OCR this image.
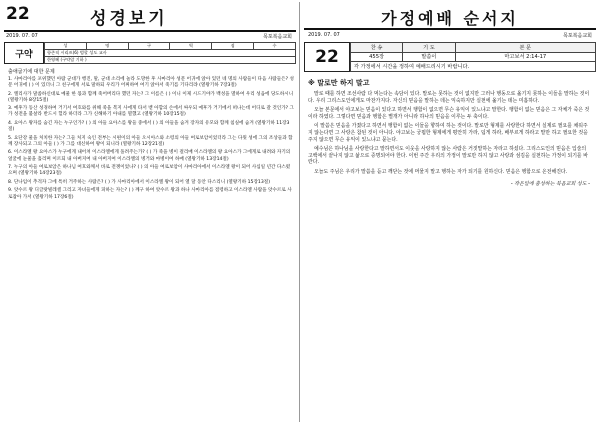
22	성경보기
2019. 07. 07	목포복음교회
구약
성	명	구	역	점	수
항존직 시리즈(6) 범할 성도 교사
한영혜 (구약암 기하 )
출애굽기에 대한 문제
1. 사마리아를 포위했던 아람 군대가 행진, 말, 군대 소리에 놀라 도망한 후 사마리아 성문 어귀에 앉아 있던 네 명의 사람들이 다음 사람들은? 성문 어귀에 ( ) 이 있더니 그 친구에게 서로 말하되 우리가 어찌하여 여기 앉아서 죽기를 기다리랴 (열왕기하 7장3절)
2. 엘리사가 말씀하신대로 예물 한 몫과 함께 죽어버리다 했던 자는? 그 이름은 ( ) 이니 이제 시드기야가 백성을 멸하여 우리 성읍에 당도하시니 (열왕기하 8장15절)
3. 예후가 동산 성경하여 거기서 여호와를 위해 죽을 복지 사에게 타서 벧 아합의 손에서 싸우되 예후가 거기에서 떠나는데 어디로 갈 것인가? 그가 성전을 불살라 반드시 헐라 하더라 그가 신해하기 아내를 멸했고 (열왕기하 10장15절)
4. 요아스 왕자를 숨긴 자는 누구인가? ( ) 의 아들 요아스를 왕들 중에서 ( ) 의 아들을 숨겨 장자의 유모와 함께 침실에 숨겨 (열왕기하 11장3절)
5. 요단강 물을 처치한 자는? 그들 처지 숙인 전부는 시편이의 아들 오시아스와 소령의 아들 여로보암이었더라 그는 다윗 성에 그의 조상들과 함께 장사되고 그의 아들 ( ) 가 그를 대신하여 왕이 되니라 (열왕기하 12장21절)
6. 이스라엘 왕 요아스가 누구에게 내어쳐 이스라엘에게 돌려주는가? ( ) 가 죽을 병이 걸리매 이스라엘의 왕 요아스가 그에게로 내려와 자기의 얼굴에 눈물을 흘리며 이르되 내 아버지여 내 아버지여 이스라엘의 병거와 마병이여 하매 (열왕기하 13장14절)
7. 누구의 아들 여로보암은 하나님 여호와께서 바로 전쟁이었나? ( ) 의 아들 여로보암이 사마리아에서 이스라엘 왕이 되어 사십일 년간 다스렸으며 (열왕기하 14장23절)
8. 단나임이 추격자 그에 특히 거주하는 사람은? ( ) 가 사마리아에서 이스라엘 왕이 되어 열 달 동안 다스리니 (열왕기하 15장13절)
9. 앗수르 왕 디글랏빌레셀 그리고 자녀들에게 피하는 자는? ( ) 께구 하여 앗수르 왕과 하나 사마리아를 점령하고 이스라엘 사람을 앗수르로 사로잡아 가서 (열왕기하 17장6절)
가정예배 순서지
2019. 07. 07	목포복음교회
22	찬 송	기 도	본 문
455장	말씀이	마고보서 2:14-17
각 가정에서 시간을 정하여 예배드리시기 바랍니다.		
※ 말로만 하지 말고
말로 때를 하면 조선사람 다 먹는다는 속담이 있다. 말로는 못하는 것이 없지만 그러나 행동으로 옮기지 못하는 이들을 말하는 것이다. 우리 그리스도인에게도 마찬가지다. 자신의 믿음을 말하는 데는 익숙하지만 실천에 옮기는 데는 미흡하다.
오늘 본문에서 야고보는 믿음이 있다고 하면서 행함이 없으면 무슨 유익이 있느냐고 말한다. 행함이 없는 믿음은 그 자체가 죽은 것이라 하였다. 그렇다면 믿음과 행함은 별개가 아니라 하나의 믿음을 이루는 두 축이다.
이 말씀은 믿음을 가졌다고 하면서 행함이 없는 이들을 향하여 하는 것이다. 말로만 형제를 사랑한다 하면서 실제로 필요를 채워주지 않는다면 그 사랑은 참된 것이 아니다. 야고보는 궁핍한 형제에게 평안히 가라, 덥게 하라, 배부르게 하라고 말만 하고 필요한 것을 주지 않으면 무슨 유익이 있느냐고 묻는다.
예수님은 하나님을 사랑한다고 말하면서도 이웃을 사랑하지 않는 사람은 거짓말하는 자라고 하셨다. 그리스도인의 믿음은 입술의 고백에서 끝나지 않고 삶으로 증명되어야 한다. 이번 주간 우리의 가정이 말로만 하지 않고 사랑과 섬김을 실천하는 가정이 되기를 바란다.
오늘도 주님은 우리가 말씀을 듣고 깨닫는 것에 머물지 말고 행하는 자가 되기를 원하신다. 믿음은 행함으로 온전해진다.
- 작은일에 충성하는 복음교회 성도 -
